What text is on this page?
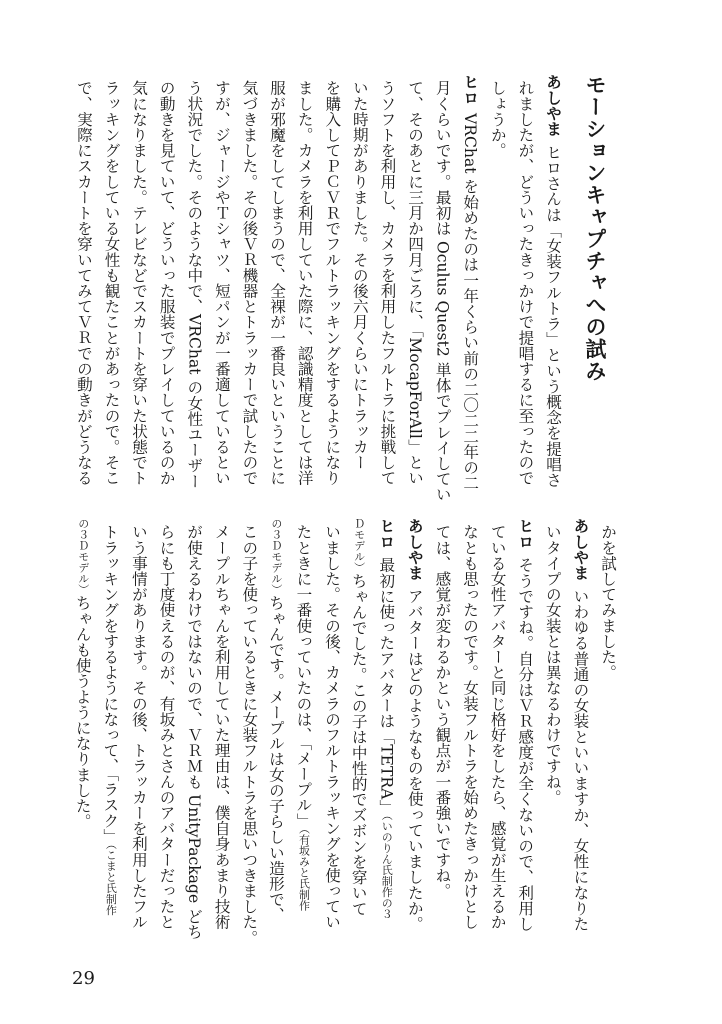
モーションキャプチャへの試み
あしやまヒロさんは「女装フルトラ」という概念を提唱さ
れましたが、どういったきっかけで提唱するに至ったので
しょうか。
ヒロVRChat を始めたのは一年くらい前の二〇二二年の二
月くらいです。最初は Oculus Quest2 単体でプレイしてい
て、そのあとに三月か四月ごろに、「MocapForAll」とい
うソフトを利用し、カメラを利用したフルトラに挑戦して
いた時期がありました。その後六月くらいにトラッカー
を購入してＰＣＶＲでフルトラッキングをするようになり
ました。カメラを利用していた際に、認識精度としては洋
服が邪魔をしてしまうので、全裸が一番良いということに
気づきました。その後ＶＲ機器とトラッカーで試したので
すが、ジャージやＴシャツ、短パンが一番適しているとい
う状況でした。そのような中で、VRChat の女性ユーザー
の動きを見ていて、どういった服装でプレイしているのか
気になりました。テレビなどでスカートを穿いた状態でト
ラッキングをしている女性も観たことがあったので。そこ
で、実際にスカートを穿いてみてＶＲでの動きがどうなる
かを試してみました。
あしやまいわゆる普通の女装といいますか、女性になりた
いタイプの女装とは異なるわけですね。
ヒロそうですね。自分はＶＲ感度が全くないので、利用し
ている女性アバターと同じ格好をしたら、感覚が生えるか
なとも思ったのです。女装フルトラを始めたきっかけとし
ては、感覚が変わるかという観点が一番強いですね。
あしやまアバターはどのようなものを使っていましたか。
ヒロ最初に使ったアバターは「TETRA」（いのりん氏制作の３
Ｄモデル）ちゃんでした。この子は中性的でズボンを穿いて
いました。その後、カメラのフルトラッキングを使ってい
たときに一番使っていたのは、「メープル」（有坂みと氏制作
の３Ｄモデル）ちゃんです。メープルは女の子らしい造形で、
この子を使っているときに女装フルトラを思いつきました。
メープルちゃんを利用していた理由は、僕自身あまり技術
が使えるわけではないので、ＶＲＭも UnityPackage どち
らにも丁度使えるのが、有坂みとさんのアバターだったと
いう事情があります。その後、トラッカーを利用したフル
トラッキングをするようになって、「ラスク」（こまと氏制作
の３Ｄモデル）ちゃんも使うようになりました。
29
